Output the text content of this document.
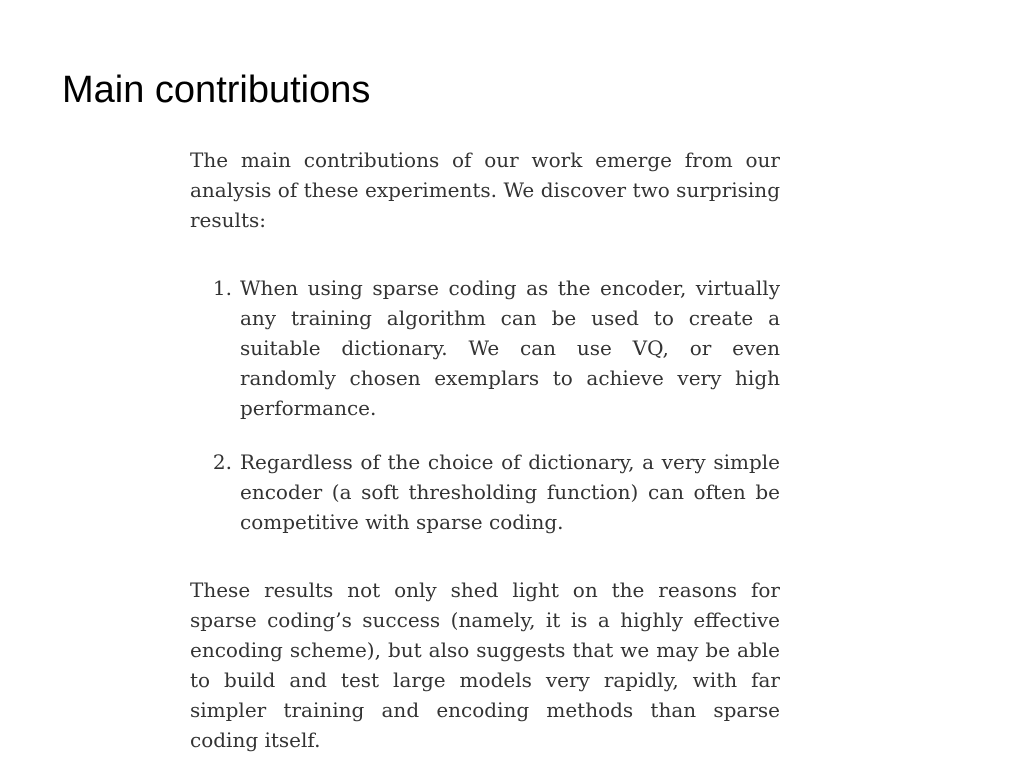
Main contributions

The main contributions of our work emerge from our analysis of these experiments. We discover two surprising results:

1. When using sparse coding as the encoder, virtually any training algorithm can be used to create a suitable dictionary. We can use VQ, or even randomly chosen exemplars to achieve very high performance.
2. Regardless of the choice of dictionary, a very simple encoder (a soft thresholding function) can often be competitive with sparse coding.

These results not only shed light on the reasons for sparse coding’s success (namely, it is a highly effective encoding scheme), but also suggests that we may be able to build and test large models very rapidly, with far simpler training and encoding methods than sparse coding itself.
